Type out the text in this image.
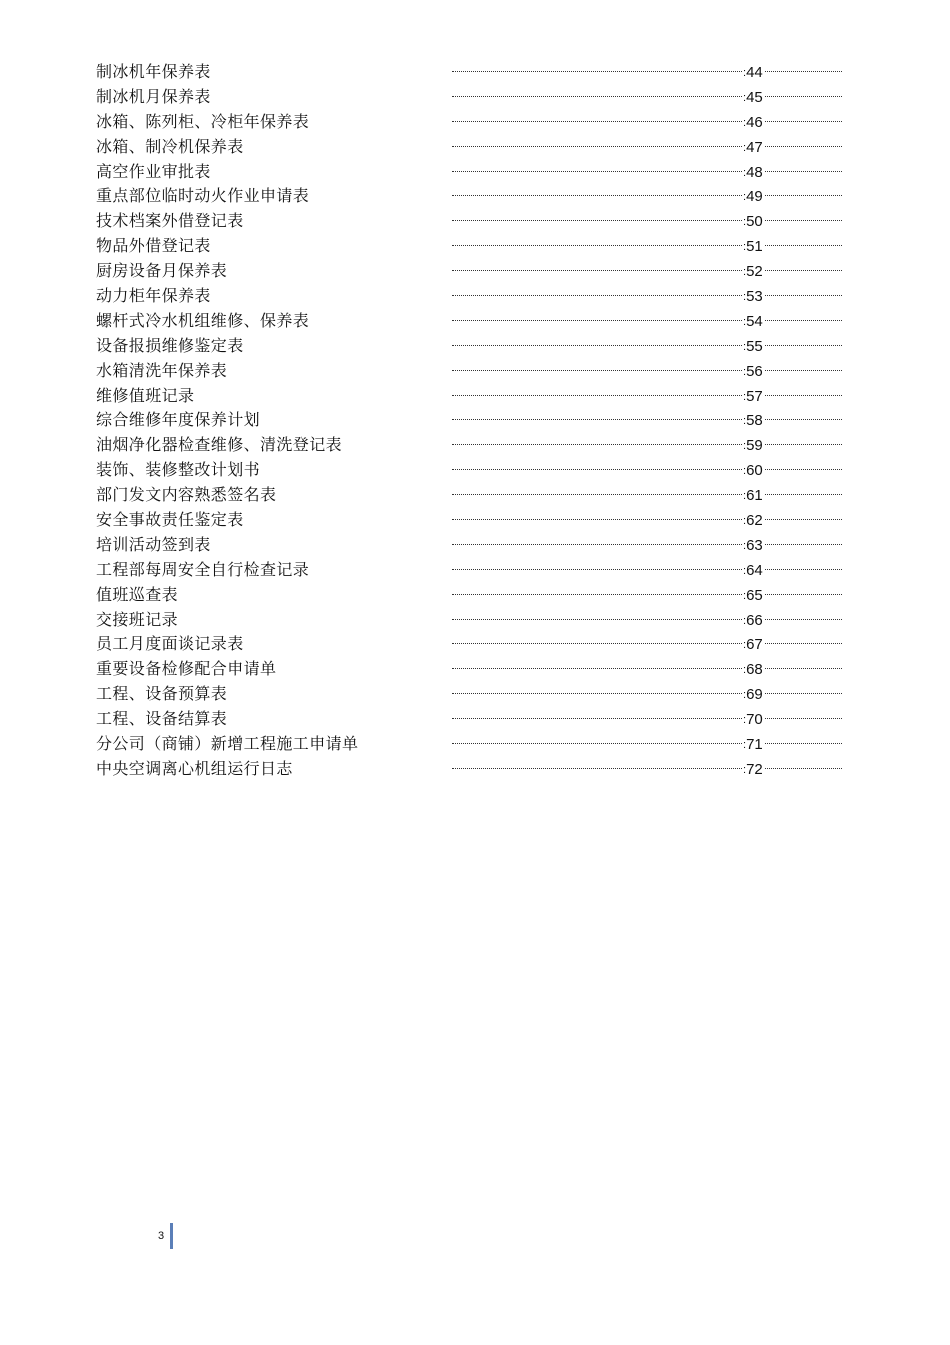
制冰机年保养表	: 44
制冰机月保养表	: 45
冰箱、陈列柜、冷柜年保养表	: 46
冰箱、制冷机保养表	: 47
高空作业审批表	: 48
重点部位临时动火作业申请表	: 49
技术档案外借登记表	: 50
物品外借登记表	: 51
厨房设备月保养表	: 52
动力柜年保养表	: 53
螺杆式冷水机组维修、保养表	: 54
设备报损维修鉴定表	: 55
水箱清洗年保养表	: 56
维修值班记录	: 57
综合维修年度保养计划	: 58
油烟净化器检查维修、清洗登记表	: 59
装饰、装修整改计划书	: 60
部门发文内容熟悉签名表	: 61
安全事故责任鉴定表	: 62
培训活动签到表	: 63
工程部每周安全自行检查记录	: 64
值班巡查表	: 65
交接班记录	: 66
员工月度面谈记录表	: 67
重要设备检修配合申请单	: 68
工程、设备预算表	: 69
工程、设备结算表	: 70
分公司（商铺）新增工程施工申请单	: 71
中央空调离心机组运行日志	: 72
3
